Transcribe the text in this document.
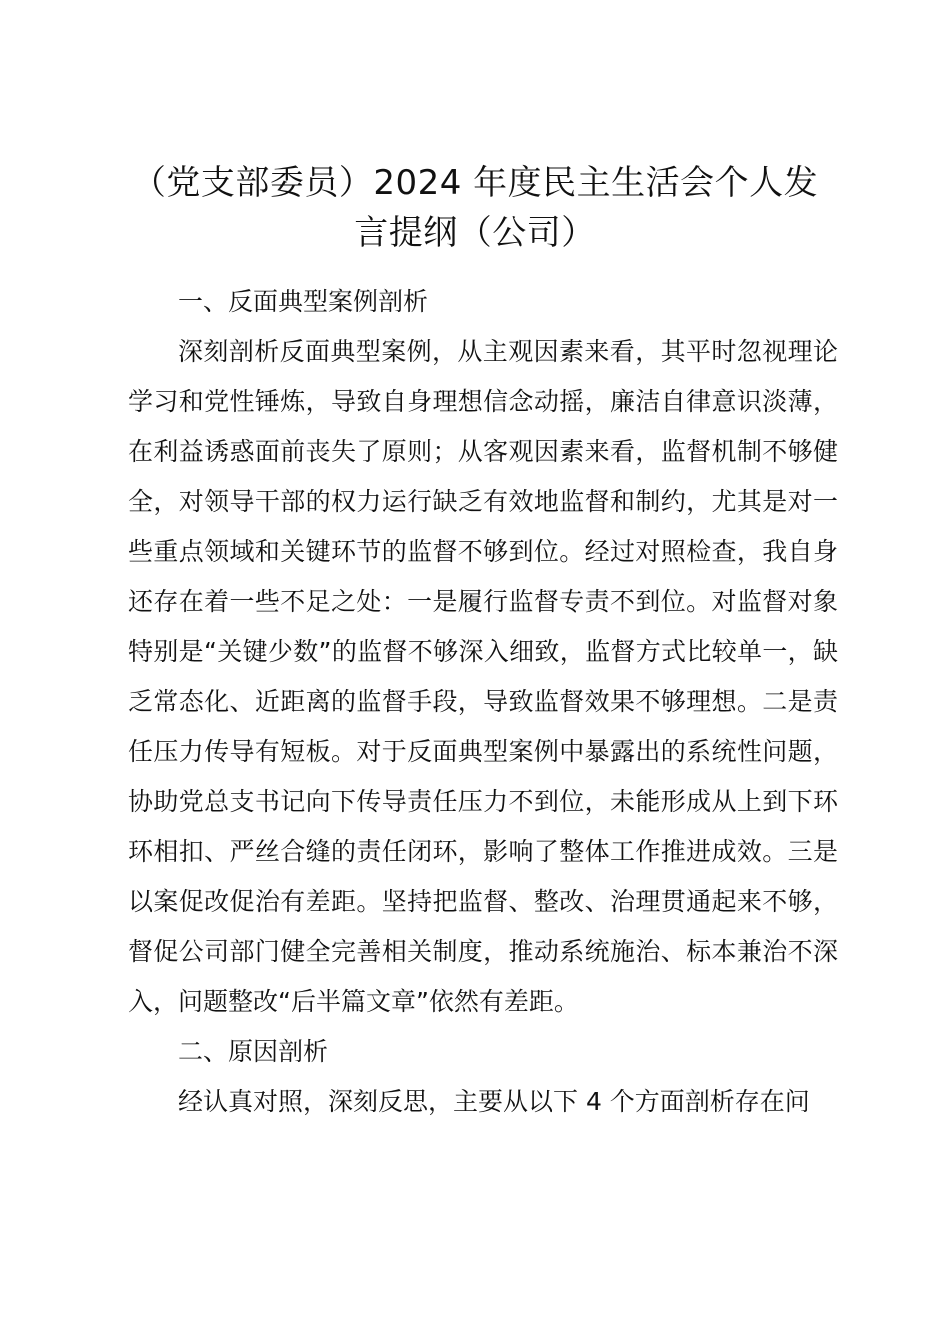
（党支部委员）2024 年度民主生活会个人发言提纲（公司）
一、反面典型案例剖析

深刻剖析反面典型案例，从主观因素来看，其平时忽视理论学习和党性锤炼，导致自身理想信念动摇，廉洁自律意识淡薄，在利益诱惑面前丧失了原则；从客观因素来看，监督机制不够健全，对领导干部的权力运行缺乏有效地监督和制约，尤其是对一些重点领域和关键环节的监督不够到位。经过对照检查，我自身还存在着一些不足之处：一是履行监督专责不到位。对监督对象特别是“关键少数”的监督不够深入细致，监督方式比较单一，缺乏常态化、近距离的监督手段，导致监督效果不够理想。二是责任压力传导有短板。对于反面典型案例中暴露出的系统性问题，协助党总支书记向下传导责任压力不到位，未能形成从上到下环环相扣、严丝合缝的责任闭环，影响了整体工作推进成效。三是以案促改促治有差距。坚持把监督、整改、治理贯通起来不够，督促公司部门健全完善相关制度，推动系统施治、标本兼治不深入，问题整改“后半篇文章”依然有差距。

二、原因剖析

经认真对照，深刻反思，主要从以下 4 个方面剖析存在问
